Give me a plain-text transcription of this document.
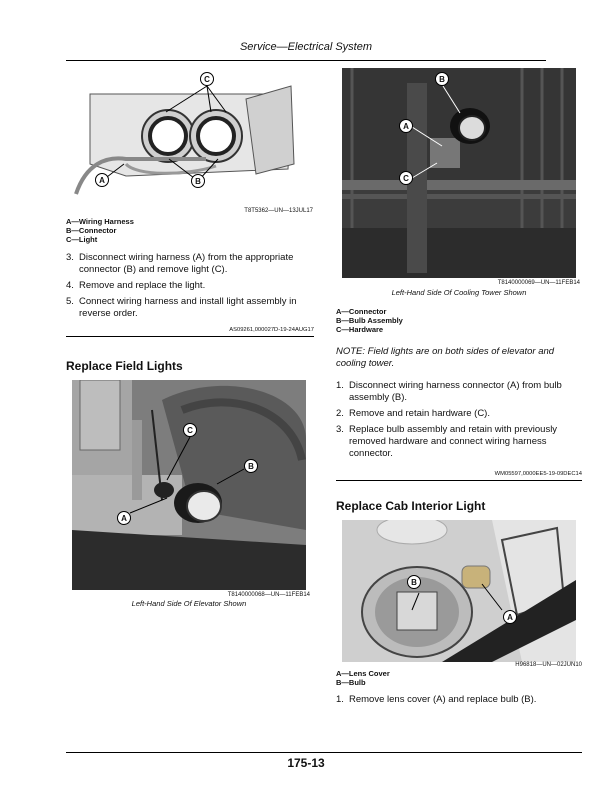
Service—Electrical System
C
A	B
T8T5362—UN—13JUL17
A—Wiring Harness
B—Connector
C—Light
3. Disconnect wiring harness (A) from the appropriate connector (B) and remove light (C).
4. Remove and replace the light.
5. Connect wiring harness and install light assembly in reverse order.
AS09261,000027D-19-24AUG17
Replace Field Lights
C
B
A
T8140000068—UN—11FEB14
Left-Hand Side Of Elevator Shown
B
A
C
T8140000069—UN—11FEB14
Left-Hand Side Of Cooling Tower Shown
A—Connector
B—Bulb Assembly
C—Hardware
NOTE: Field lights are on both sides of elevator and cooling tower.
1. Disconnect wiring harness connector (A) from bulb assembly (B).
2. Remove and retain hardware (C).
3. Replace bulb assembly and retain with previously removed hardware and connect wiring harness connector.
WM05597,0000EE5-19-09DEC14
Replace Cab Interior Light
B
A
H96818—UN—02JUN10
A—Lens Cover
B—Bulb
1. Remove lens cover (A) and replace bulb (B).
175-13
